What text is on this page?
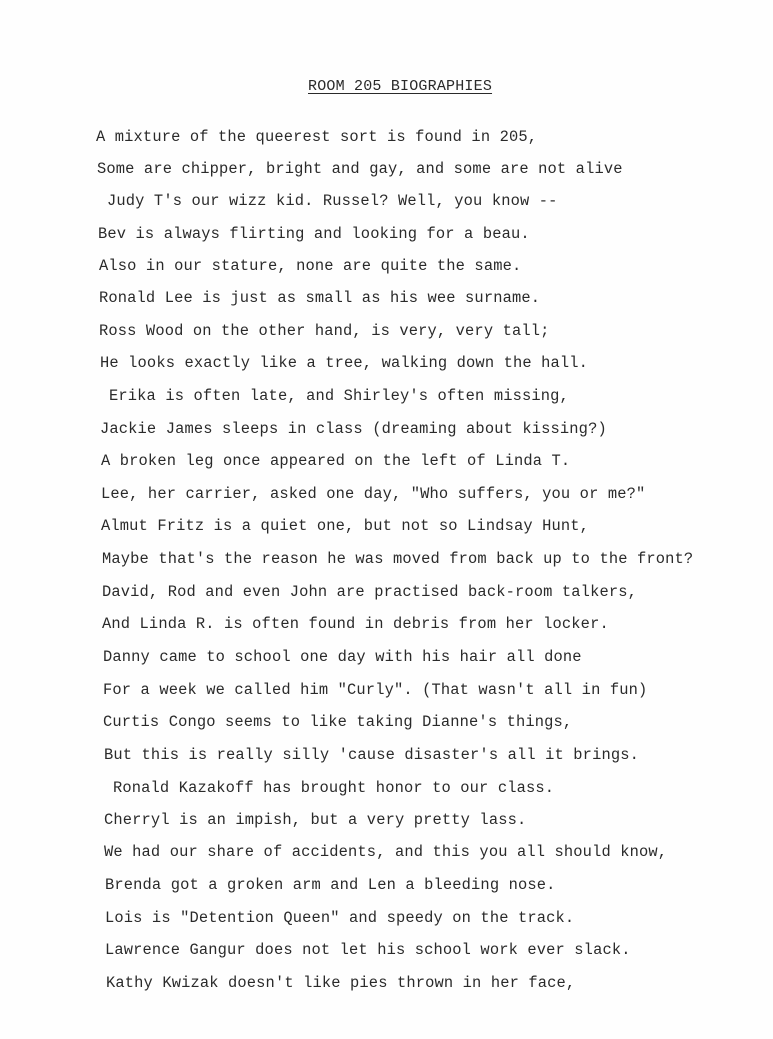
ROOM 205 BIOGRAPHIES
A mixture of the queerest sort is found in 205,
Some are chipper, bright and gay, and some are not alive
Judy T's our wizz kid. Russel? Well, you know --
Bev is always flirting and looking for a beau.
Also in our stature, none are quite the same.
Ronald Lee is just as small as his wee surname.
Ross Wood on the other hand, is very, very tall;
He looks exactly like a tree, walking down the hall.
Erika is often late, and Shirley's often missing,
Jackie James sleeps in class (dreaming about kissing?)
A broken leg once appeared on the left of Linda T.
Lee, her carrier, asked one day, "Who suffers, you or me?"
Almut Fritz is a quiet one, but not so Lindsay Hunt,
Maybe that's the reason he was moved from back up to the front?
David, Rod and even John are practised back-room talkers,
And Linda R. is often found in debris from her locker.
Danny came to school one day with his hair all done
For a week we called him "Curly". (That wasn't all in fun)
Curtis Congo seems to like taking Dianne's things,
But this is really silly 'cause disaster's all it brings.
Ronald Kazakoff has brought honor to our class.
Cherryl is an impish, but a very pretty lass.
We had our share of accidents, and this you all should know,
Brenda got a groken arm and Len a bleeding nose.
Lois is "Detention Queen" and speedy on the track.
Lawrence Gangur does not let his school work ever slack.
Kathy Kwizak doesn't like pies thrown in her face,
